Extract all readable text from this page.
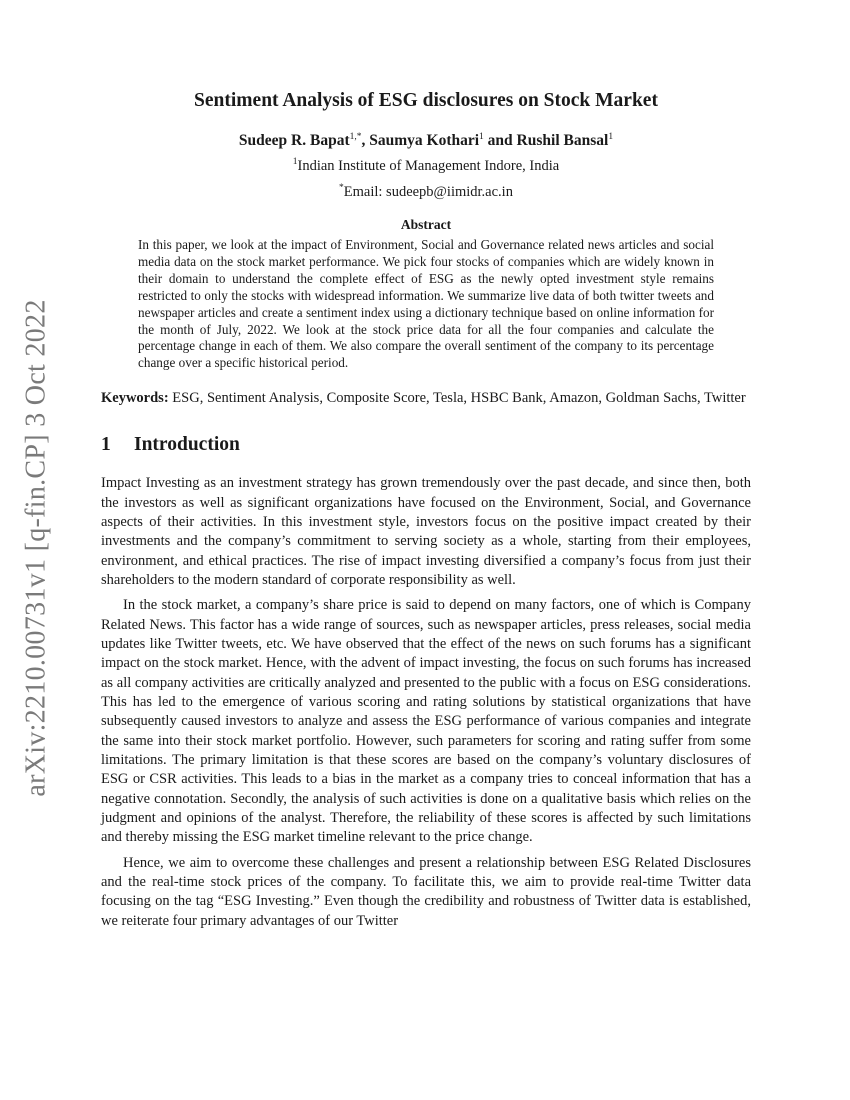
arXiv:2210.00731v1 [q-fin.CP] 3 Oct 2022
Sentiment Analysis of ESG disclosures on Stock Market
Sudeep R. Bapat$^{1,*}$, Saumya Kothari$^1$ and Rushil Bansal$^1$
$^1$Indian Institute of Management Indore, India
*Email: sudeepb@iimidr.ac.in
Abstract

In this paper, we look at the impact of Environment, Social and Governance related news articles and social media data on the stock market performance. We pick four stocks of companies which are widely known in their domain to understand the complete effect of ESG as the newly opted investment style remains restricted to only the stocks with widespread information. We summarize live data of both twitter tweets and newspaper articles and create a sentiment index using a dictionary technique based on online information for the month of July, 2022. We look at the stock price data for all the four companies and calculate the percentage change in each of them. We also compare the overall sentiment of the company to its percentage change over a specific historical period.

Keywords: ESG, Sentiment Analysis, Composite Score, Tesla, HSBC Bank, Amazon, Goldman Sachs, Twitter
1	Introduction

Impact Investing as an investment strategy has grown tremendously over the past decade, and since then, both the investors as well as significant organizations have focused on the Environment, Social, and Governance aspects of their activities. In this investment style, investors focus on the positive impact created by their investments and the company’s commitment to serving society as a whole, starting from their employees, environment, and ethical practices. The rise of impact investing diversified a company’s focus from just their shareholders to the modern standard of corporate responsibility as well.

In the stock market, a company’s share price is said to depend on many factors, one of which is Company Related News. This factor has a wide range of sources, such as newspaper articles, press releases, social media updates like Twitter tweets, etc. We have observed that the effect of the news on such forums has a significant impact on the stock market. Hence, with the advent of impact investing, the focus on such forums has increased as all company activities are critically analyzed and presented to the public with a focus on ESG considerations. This has led to the emergence of various scoring and rating solutions by statistical organizations that have subsequently caused investors to analyze and assess the ESG performance of various companies and integrate the same into their stock market portfolio. However, such parameters for scoring and rating suffer from some limitations. The primary limitation is that these scores are based on the company’s voluntary disclosures of ESG or CSR activities. This leads to a bias in the market as a company tries to conceal information that has a negative connotation. Secondly, the analysis of such activities is done on a qualitative basis which relies on the judgment and opinions of the analyst. Therefore, the reliability of these scores is affected by such limitations and thereby missing the ESG market timeline relevant to the price change.

Hence, we aim to overcome these challenges and present a relationship between ESG Related Disclosures and the real-time stock prices of the company. To facilitate this, we aim to provide real-time Twitter data focusing on the tag “ESG Investing.” Even though the credibility and robustness of Twitter data is established, we reiterate four primary advantages of our Twitter
